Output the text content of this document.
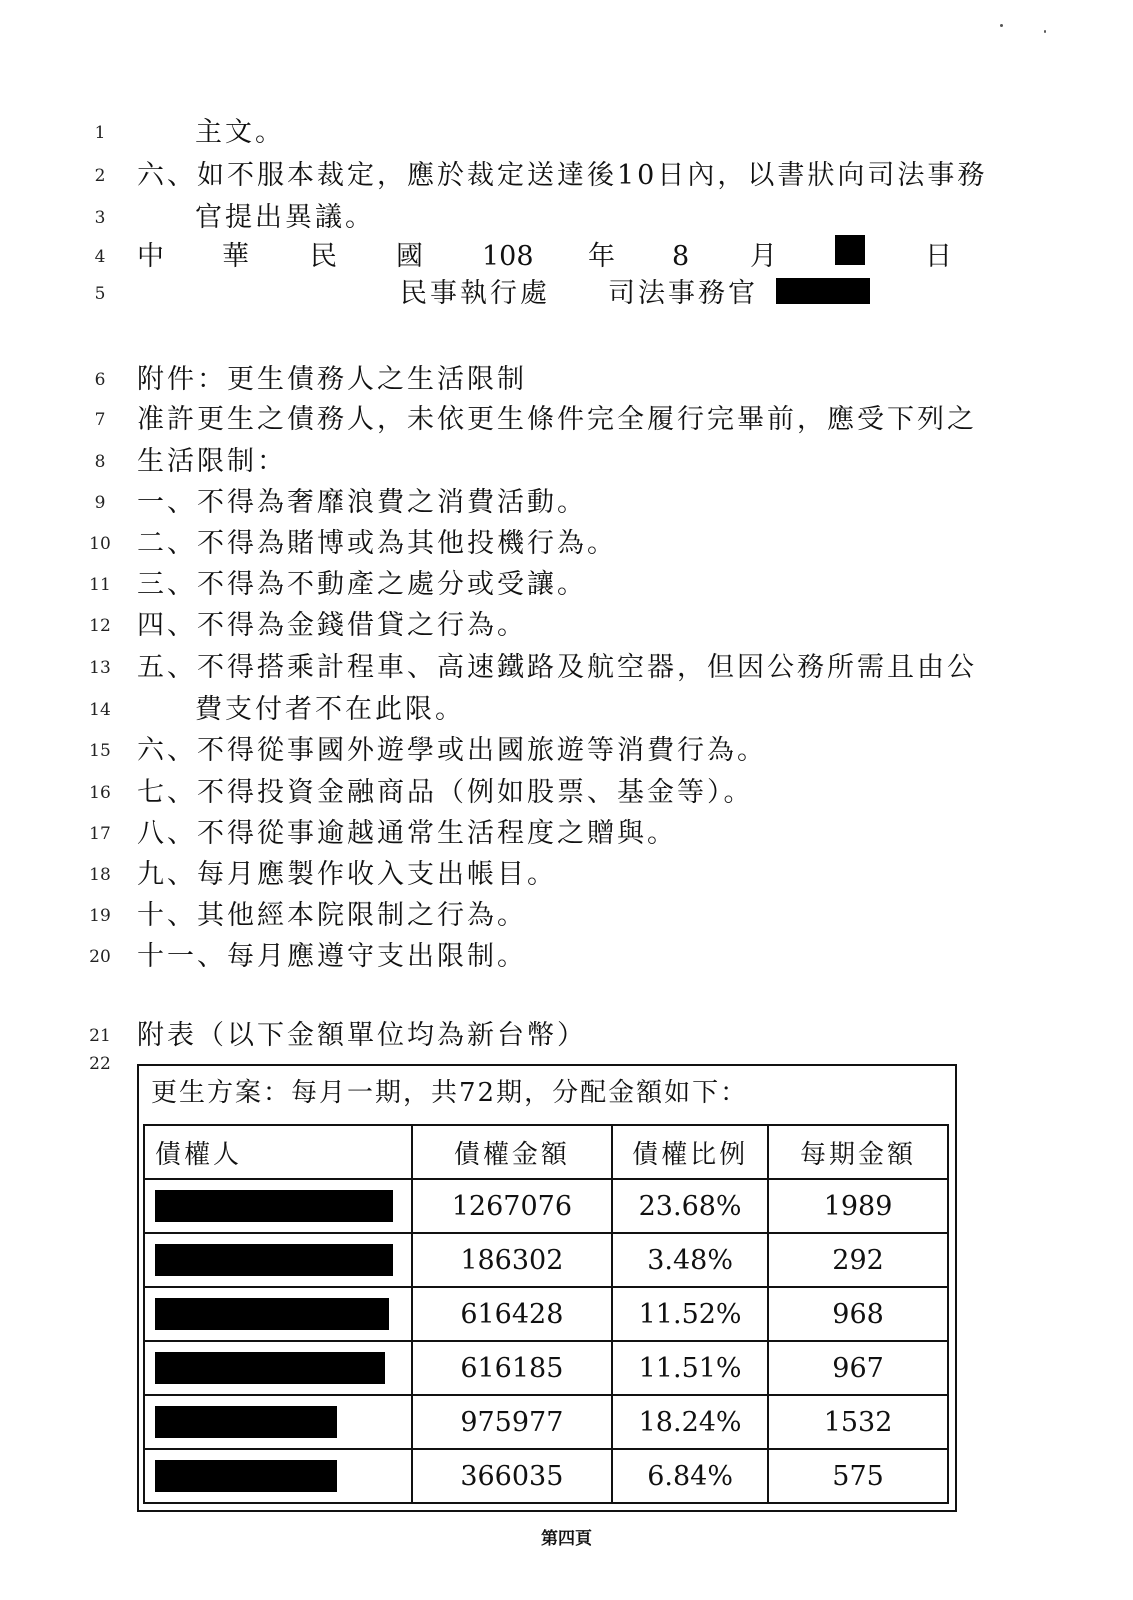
1	主文。
2	六、如不服本裁定，應於裁定送達後10日內，以書狀向司法事務
3	官提出異議。
4	中 華 民 國 108 年 8 月	日
5	民事執行處 司法事務官
6	附件：更生債務人之生活限制
7	准許更生之債務人，未依更生條件完全履行完畢前，應受下列之
8	生活限制：
9	一、不得為奢靡浪費之消費活動。
10 二、不得為賭博或為其他投機行為。
11 三、不得為不動產之處分或受讓。
12 四、不得為金錢借貸之行為。
13 五、不得搭乘計程車、高速鐵路及航空器，但因公務所需且由公
14	費支付者不在此限。
15 六、不得從事國外遊學或出國旅遊等消費行為。
16 七、不得投資金融商品（例如股票、基金等）。
17 八、不得從事逾越通常生活程度之贈與。
18 九、每月應製作收入支出帳目。
19 十、其他經本院限制之行為。
20 十一、每月應遵守支出限制。
21 附表（以下金額單位均為新台幣）
22
更生方案：每月一期，共72期，分配金額如下：
債權人	債權金額	債權比例	每期金額
	1267076	23.68%	1989
	186302	3.48%	292
	616428	11.52%	968
	616185	11.51%	967
	975977	18.24%	1532
	366035	6.84%	575
第四頁
